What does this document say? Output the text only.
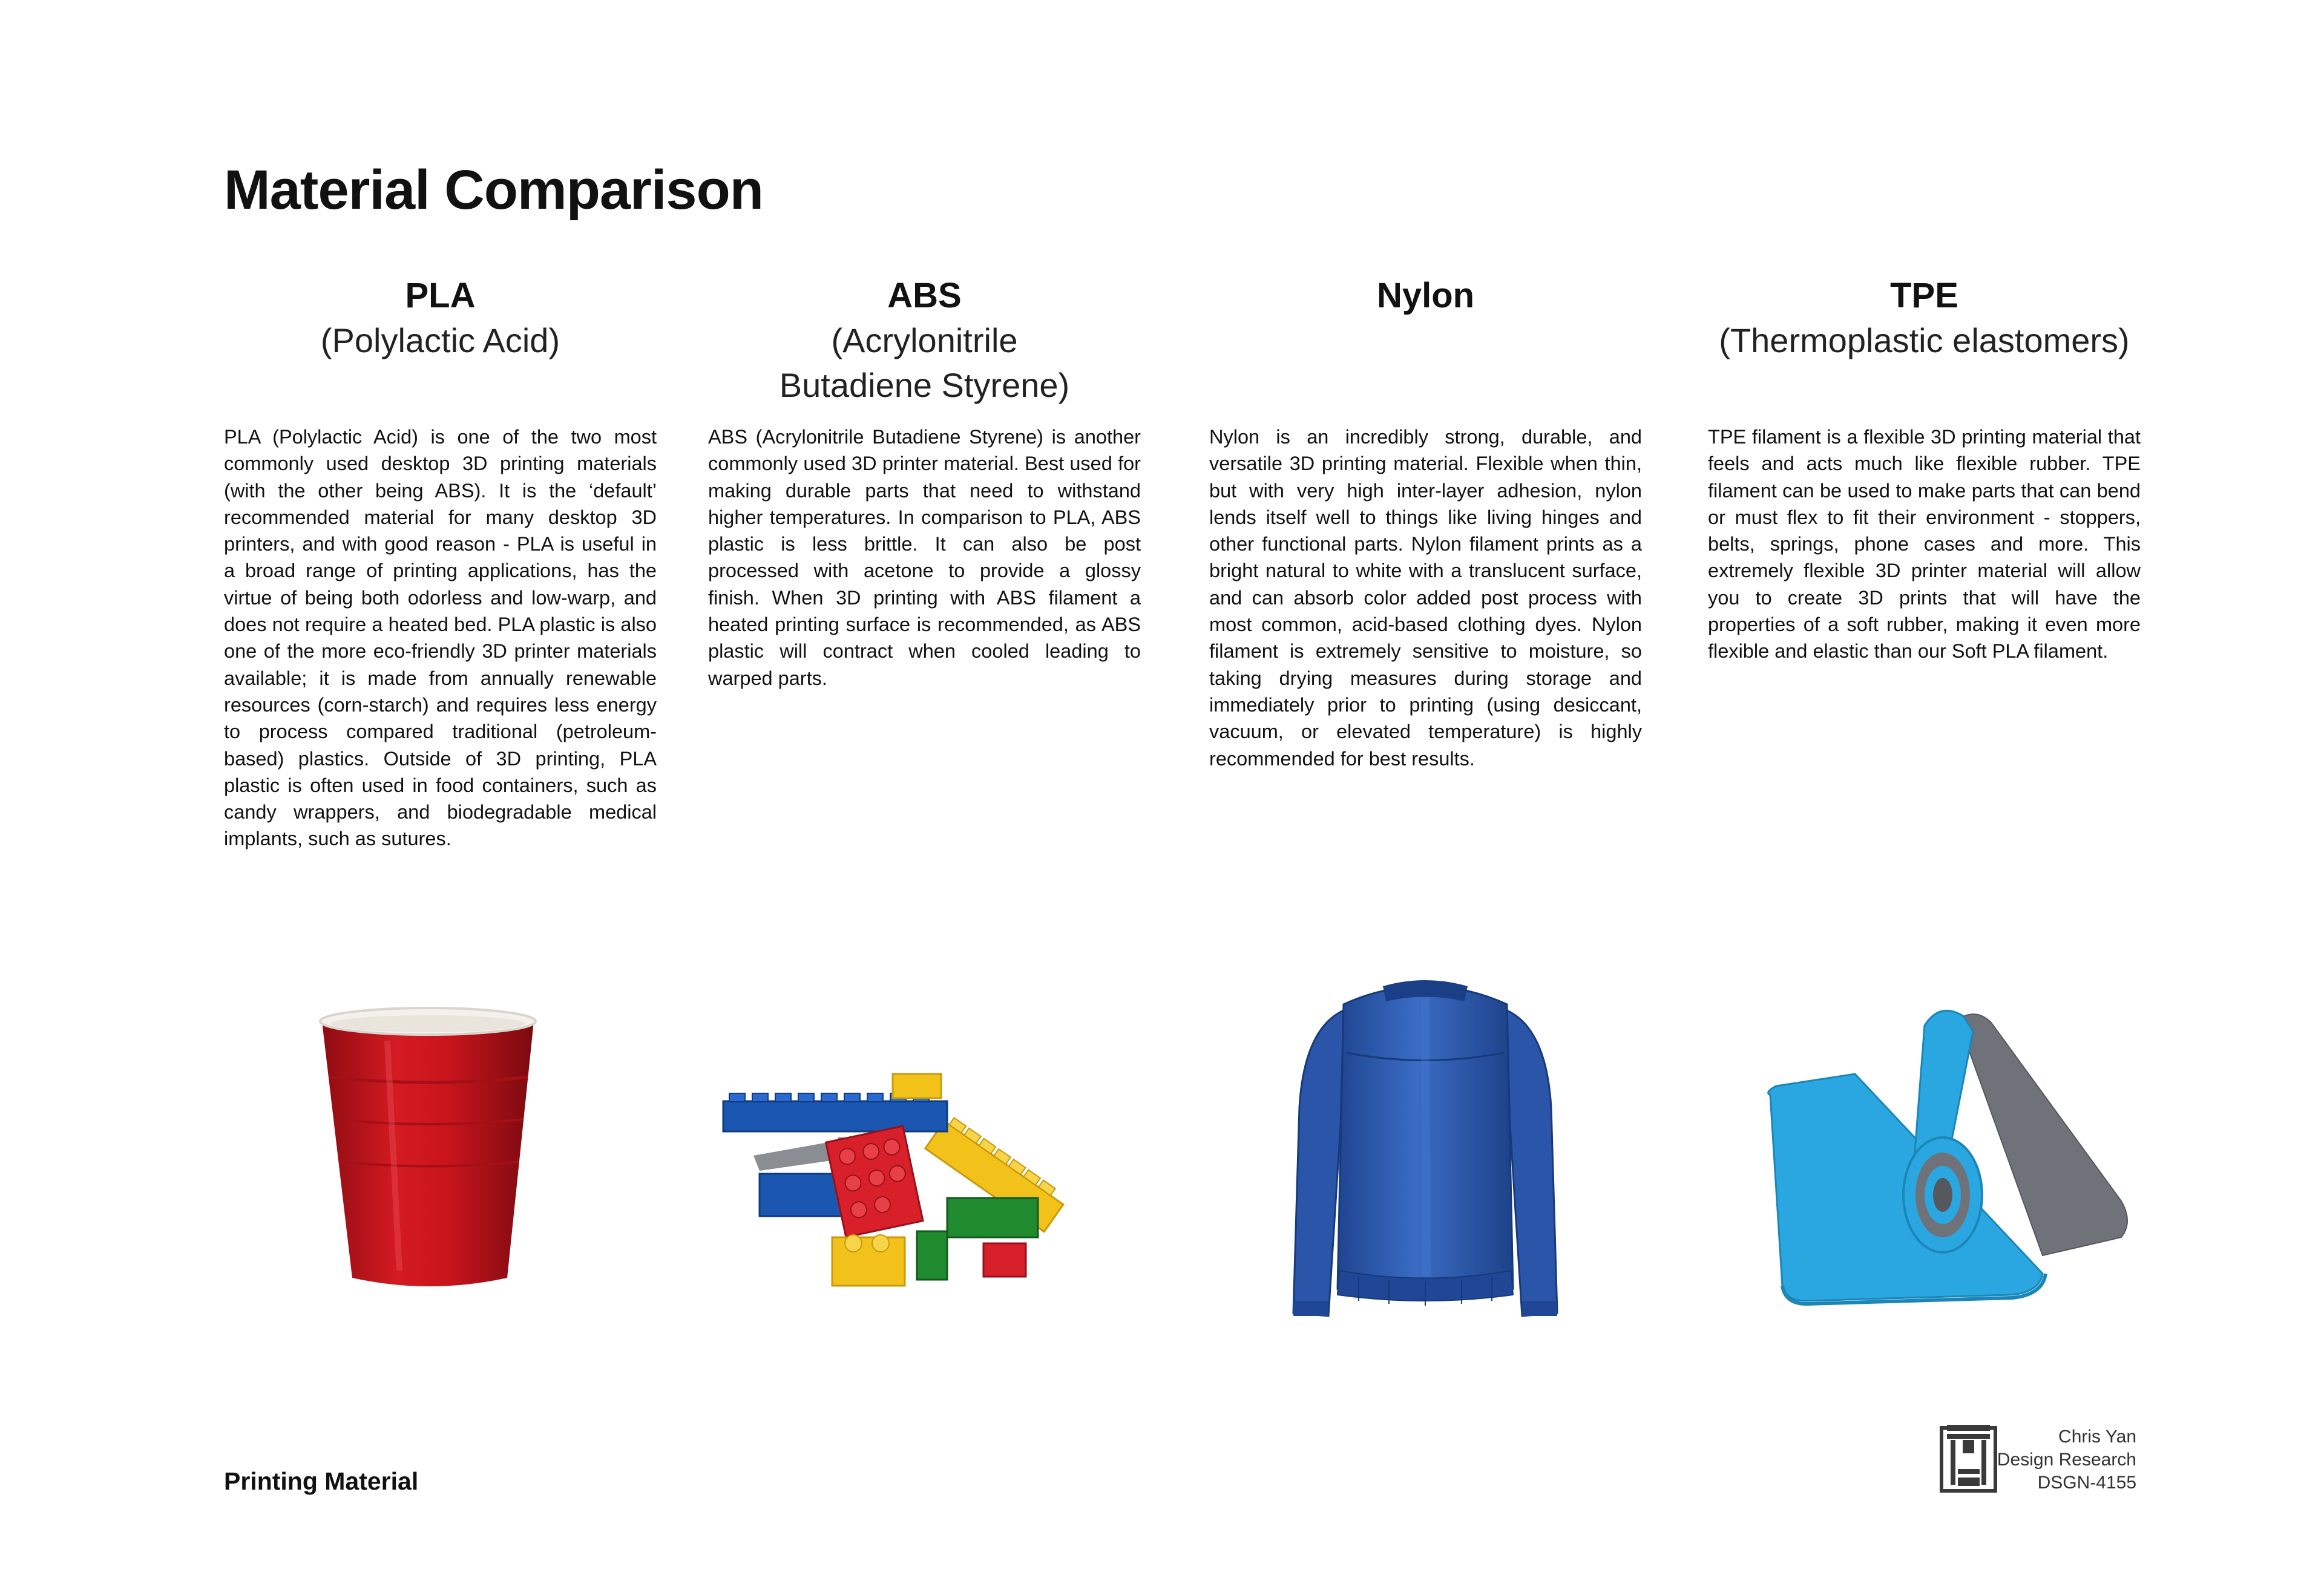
Material Comparison
PLA
(Polylactic Acid)

PLA (Polylactic Acid) is one of the two most commonly used desktop 3D printing materials (with the other being ABS). It is the ‘default’ recommended material for many desktop 3D printers, and with good reason - PLA is useful in a broad range of printing applications, has the virtue of being both odorless and low-warp, and does not require a heated bed. PLA plastic is also one of the more eco-friendly 3D printer materials available; it is made from annually renewable resources (corn-starch) and requires less energy to process compared traditional (petroleum-based) plastics. Outside of 3D printing, PLA plastic is often used in food containers, such as candy wrappers, and biodegradable medical implants, such as sutures.

ABS
(Acrylonitrile
Butadiene Styrene)

ABS (Acrylonitrile Butadiene Styrene) is another commonly used 3D printer material. Best used for making durable parts that need to withstand higher temperatures. In comparison to PLA, ABS plastic is less brittle. It can also be post processed with acetone to provide a glossy finish. When 3D printing with ABS filament a heated printing surface is recommended, as ABS plastic will contract when cooled leading to warped parts.

Nylon

Nylon is an incredibly strong, durable, and versatile 3D printing material. Flexible when thin, but with very high inter-layer adhesion, nylon lends itself well to things like living hinges and other functional parts. Nylon filament prints as a bright natural to white with a translucent surface, and can absorb color added post process with most common, acid-based clothing dyes. Nylon filament is extremely sensitive to moisture, so taking drying measures during storage and immediately prior to printing (using desiccant, vacuum, or elevated temperature) is highly recommended for best results.

TPE
(Thermoplastic elastomers)

TPE filament is a flexible 3D printing material that feels and acts much like flexible rubber. TPE filament can be used to make parts that can bend or must flex to fit their environment - stoppers, belts, springs, phone cases and more. This extremely flexible 3D printer material will allow you to create 3D prints that will have the properties of a soft rubber, making it even more flexible and elastic than our Soft PLA filament.

Printing Material
Chris Yan
Design Research
DSGN-4155
